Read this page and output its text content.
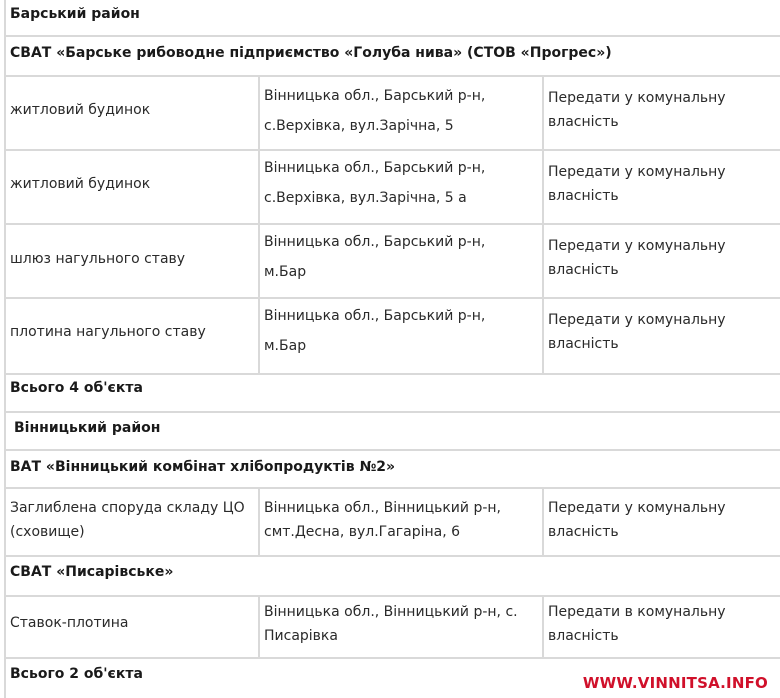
Барський район
СВАТ «Барське рибоводне підприємство «Голуба нива» (СТОВ «Прогрес»)
житловий будинок
Вінницька обл., Барський р-н,
с.Верхівка, вул.Зарічна, 5
Передати у комунальну
власність
житловий будинок
Вінницька обл., Барський р-н,
с.Верхівка, вул.Зарічна, 5 а
Передати у комунальну
власність
шлюз нагульного ставу
Вінницька обл., Барський р-н,
м.Бар
Передати у комунальну
власність
плотина нагульного ставу
Вінницька обл., Барський р-н,
м.Бар
Передати у комунальну
власність
Всього 4 об'єкта
Вінницький район
ВАТ «Вінницький комбінат хлібопродуктів №2»
Заглиблена споруда складу ЦО
(сховище)
Вінницька обл., Вінницький р-н,
смт.Десна, вул.Гагаріна, 6
Передати у комунальну
власність
СВАТ «Писарівське»
Ставок-плотина
Вінницька обл., Вінницький р-н, с.
Писарівка
Передати в комунальну
власність
Всього 2 об'єкта	WWW.VINNITSA.INFO
